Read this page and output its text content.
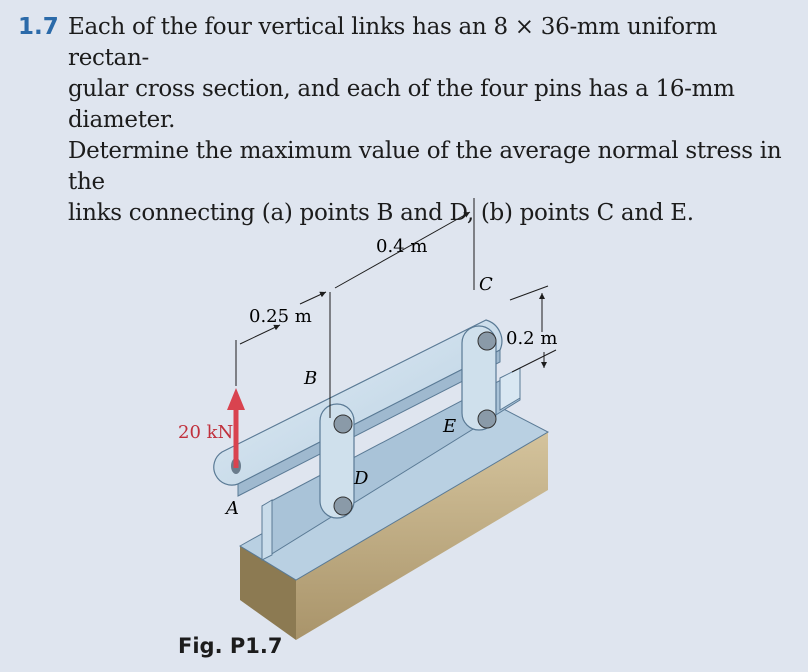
1.7 Each of the four vertical links has an 8 × 36-mm uniform rectan-
gular cross section, and each of the four pins has a 16-mm diameter.
Determine the maximum value of the average normal stress in the
links connecting (a) points B and D, (b) points C and E.
20 kN
0.25 m
0.4 m
0.2 m
A
B
C
D
E
Fig. P1.7
